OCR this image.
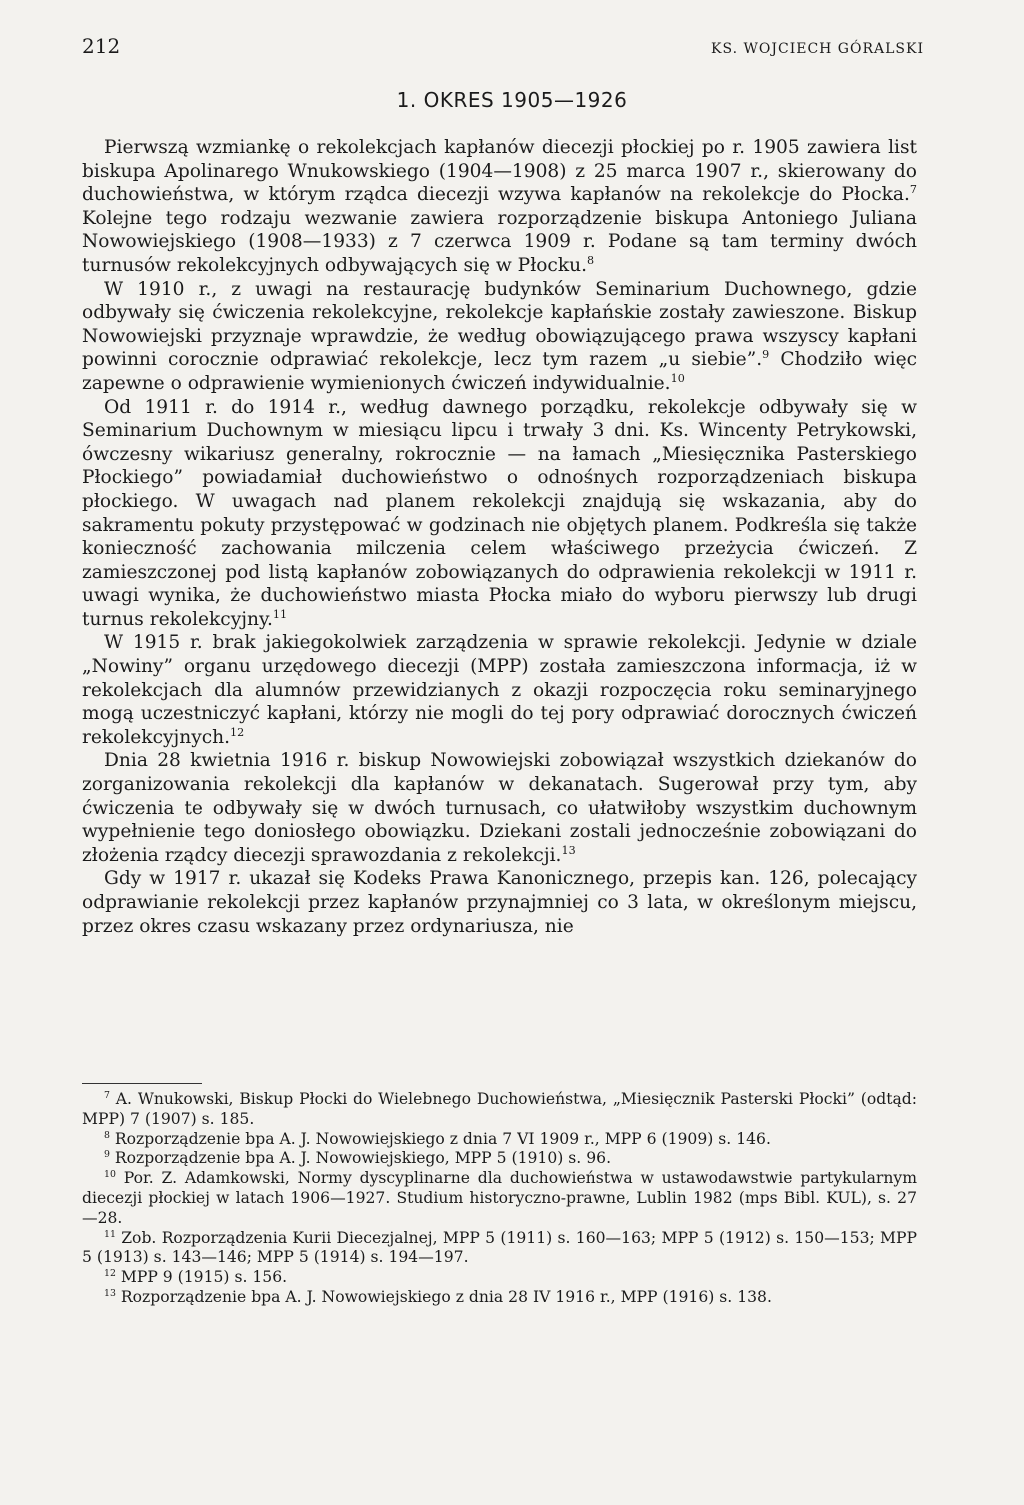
212	KS. WOJCIECH GÓRALSKI
1. OKRES 1905—1926

Pierwszą wzmiankę o rekolekcjach kapłanów diecezji płockiej po r. 1905 zawiera list biskupa Apolinarego Wnukowskiego (1904—1908) z 25 marca 1907 r., skierowany do duchowieństwa, w którym rządca diecezji wzywa kapłanów na rekolekcje do Płocka.$^7$ Kolejne tego rodzaju wezwanie zawiera rozporządzenie biskupa Antoniego Juliana Nowowiejskiego (1908—1933) z 7 czerwca 1909 r. Podane są tam terminy dwóch turnusów rekolekcyjnych odbywających się w Płocku.$^8$

W 1910 r., z uwagi na restaurację budynków Seminarium Duchownego, gdzie odbywały się ćwiczenia rekolekcyjne, rekolekcje kapłańskie zostały zawieszone. Biskup Nowowiejski przyznaje wprawdzie, że według obowiązującego prawa wszyscy kapłani powinni corocznie odprawiać rekolekcje, lecz tym razem „u siebie”.$^9$ Chodziło więc zapewne o odprawienie wymienionych ćwiczeń indywidualnie.$^{10}$

Od 1911 r. do 1914 r., według dawnego porządku, rekolekcje odbywały się w Seminarium Duchownym w miesiącu lipcu i trwały 3 dni. Ks. Wincenty Petrykowski, ówczesny wikariusz generalny, rokrocznie — na łamach „Miesięcznika Pasterskiego Płockiego” powiadamiał duchowieństwo o odnośnych rozporządzeniach biskupa płockiego. W uwagach nad planem rekolekcji znajdują się wskazania, aby do sakramentu pokuty przystępować w godzinach nie objętych planem. Podkreśla się także konieczność zachowania milczenia celem właściwego przeżycia ćwiczeń. Z zamieszczonej pod listą kapłanów zobowiązanych do odprawienia rekolekcji w 1911 r. uwagi wynika, że duchowieństwo miasta Płocka miało do wyboru pierwszy lub drugi turnus rekolekcyjny.$^{11}$

W 1915 r. brak jakiegokolwiek zarządzenia w sprawie rekolekcji. Jedynie w dziale „Nowiny” organu urzędowego diecezji (MPP) została zamieszczona informacja, iż w rekolekcjach dla alumnów przewidzianych z okazji rozpoczęcia roku seminaryjnego mogą uczestniczyć kapłani, którzy nie mogli do tej pory odprawiać dorocznych ćwiczeń rekolekcyjnych.$^{12}$

Dnia 28 kwietnia 1916 r. biskup Nowowiejski zobowiązał wszystkich dziekanów do zorganizowania rekolekcji dla kapłanów w dekanatach. Sugerował przy tym, aby ćwiczenia te odbywały się w dwóch turnusach, co ułatwiłoby wszystkim duchownym wypełnienie tego doniosłego obowiązku. Dziekani zostali jednocześnie zobowiązani do złożenia rządcy diecezji sprawozdania z rekolekcji.$^{13}$

Gdy w 1917 r. ukazał się Kodeks Prawa Kanonicznego, przepis kan. 126, polecający odprawianie rekolekcji przez kapłanów przynajmniej co 3 lata, w określonym miejscu, przez okres czasu wskazany przez ordynariusza, nie

$^7$ A. Wnukowski, Biskup Płocki do Wielebnego Duchowieństwa, „Miesięcznik Pasterski Płocki” (odtąd: MPP) 7 (1907) s. 185.

$^8$ Rozporządzenie bpa A. J. Nowowiejskiego z dnia 7 VI 1909 r., MPP 6 (1909) s. 146.

$^9$ Rozporządzenie bpa A. J. Nowowiejskiego, MPP 5 (1910) s. 96.

$^{10}$ Por. Z. Adamkowski, Normy dyscyplinarne dla duchowieństwa w ustawodawstwie partykularnym diecezji płockiej w latach 1906—1927. Studium historyczno-prawne, Lublin 1982 (mps Bibl. KUL), s. 27—28.

$^{11}$ Zob. Rozporządzenia Kurii Diecezjalnej, MPP 5 (1911) s. 160—163; MPP 5 (1912) s. 150—153; MPP 5 (1913) s. 143—146; MPP 5 (1914) s. 194—197.

$^{12}$ MPP 9 (1915) s. 156.

$^{13}$ Rozporządzenie bpa A. J. Nowowiejskiego z dnia 28 IV 1916 r., MPP (1916) s. 138.
